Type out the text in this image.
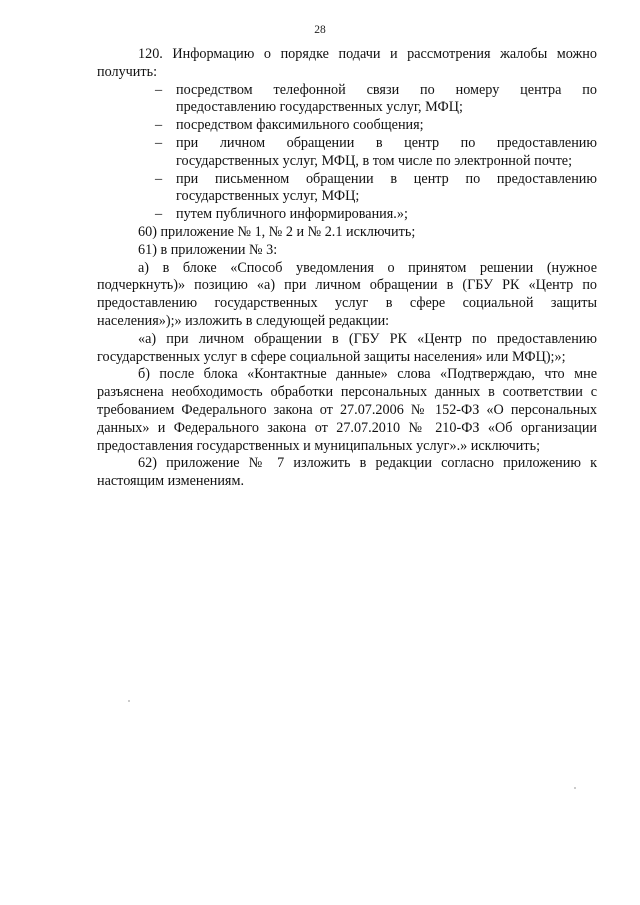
28

120. Информацию о порядке подачи и рассмотрения жалобы можно

получить:

– посредством телефонной связи по номеру центра по

предоставлению государственных услуг, МФЦ;

– посредством факсимильного сообщения;

– при личном обращении в центр по предоставлению

государственных услуг, МФЦ, в том числе по электронной почте;

– при письменном обращении в центр по предоставлению

государственных услуг, МФЦ;

– путем публичного информирования.»;

60) приложение № 1, № 2 и № 2.1 исключить;

61) в приложении № 3:

а) в блоке «Способ уведомления о принятом решении (нужное

подчеркнуть)» позицию «а) при личном обращении в (ГБУ РК «Центр по

предоставлению государственных услуг в сфере социальной защиты

населения»);» изложить в следующей редакции:

«а) при личном обращении в (ГБУ РК «Центр по предоставлению

государственных услуг в сфере социальной защиты населения» или МФЦ);»;

б) после блока «Контактные данные» слова «Подтверждаю, что мне

разъяснена необходимость обработки персональных данных в соответствии с

требованием Федерального закона от 27.07.2006 № 152-ФЗ «О персональных

данных» и Федерального закона от 27.07.2010 № 210-ФЗ «Об организации

предоставления государственных и муниципальных услуг».» исключить;

62) приложение № 7 изложить в редакции согласно приложению к

настоящим изменениям.
